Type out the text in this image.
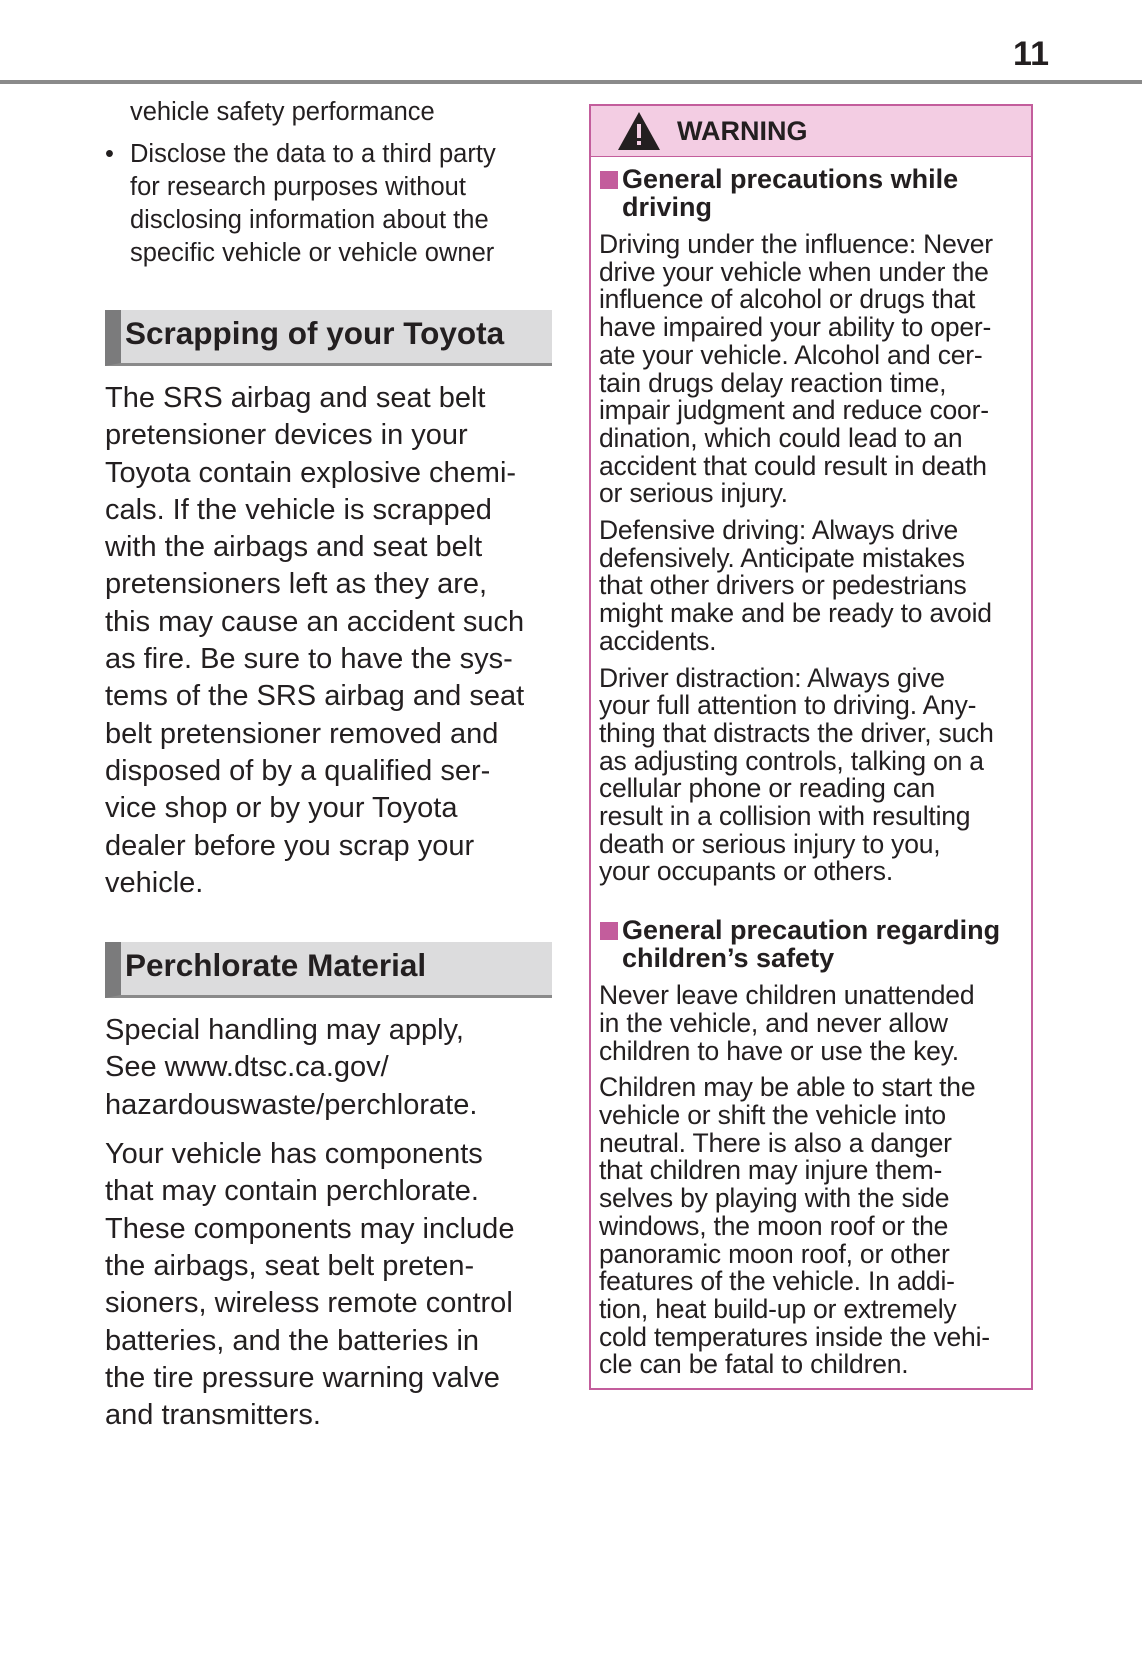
11

vehicle safety performance

• Disclose the data to a third party
for research purposes without
disclosing information about the
specific vehicle or vehicle owner
Scrapping of your Toyota
The SRS airbag and seat belt
pretensioner devices in your
Toyota contain explosive chemi-
cals. If the vehicle is scrapped
with the airbags and seat belt
pretensioners left as they are,
this may cause an accident such
as fire. Be sure to have the sys-
tems of the SRS airbag and seat
belt pretensioner removed and
disposed of by a qualified ser-
vice shop or by your Toyota
dealer before you scrap your
vehicle.
Perchlorate Material
Special handling may apply,
See www.dtsc.ca.gov/
hazardouswaste/perchlorate.
Your vehicle has components
that may contain perchlorate.
These components may include
the airbags, seat belt preten-
sioners, wireless remote control
batteries, and the batteries in
the tire pressure warning valve
and transmitters.
WARNING
General precautions while
driving
Driving under the influence: Never
drive your vehicle when under the
influence of alcohol or drugs that
have impaired your ability to oper-
ate your vehicle. Alcohol and cer-
tain drugs delay reaction time,
impair judgment and reduce coor-
dination, which could lead to an
accident that could result in death
or serious injury.
Defensive driving: Always drive
defensively. Anticipate mistakes
that other drivers or pedestrians
might make and be ready to avoid
accidents.
Driver distraction: Always give
your full attention to driving. Any-
thing that distracts the driver, such
as adjusting controls, talking on a
cellular phone or reading can
result in a collision with resulting
death or serious injury to you,
your occupants or others.
General precaution regarding
children’s safety
Never leave children unattended
in the vehicle, and never allow
children to have or use the key.
Children may be able to start the
vehicle or shift the vehicle into
neutral. There is also a danger
that children may injure them-
selves by playing with the side
windows, the moon roof or the
panoramic moon roof, or other
features of the vehicle. In addi-
tion, heat build-up or extremely
cold temperatures inside the vehi-
cle can be fatal to children.
